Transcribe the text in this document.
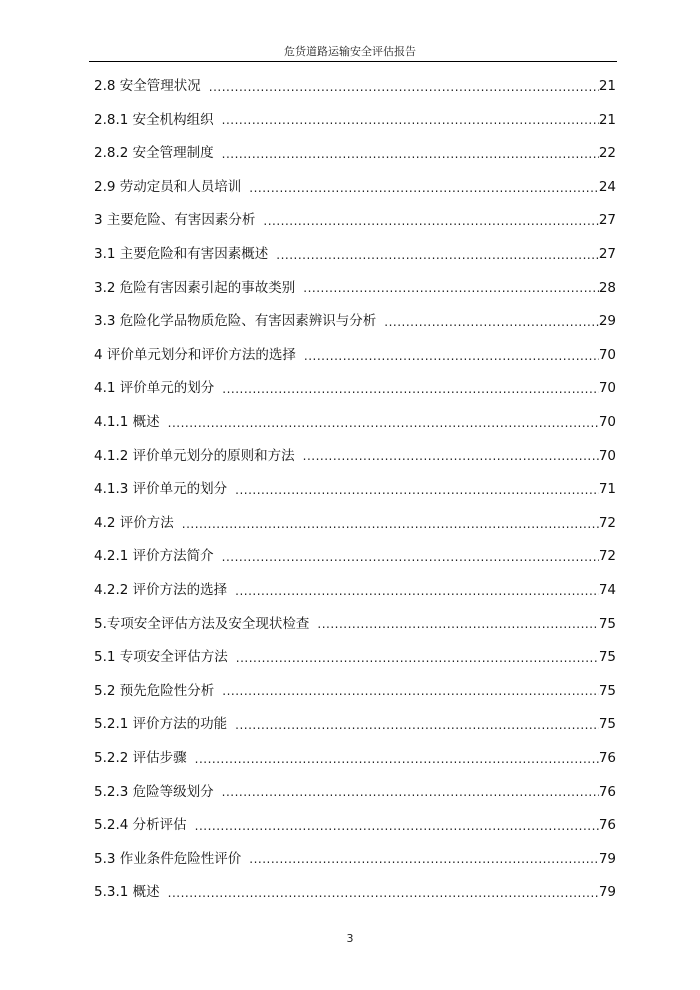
危货道路运输安全评估报告
2.8 安全管理状况 .....	21
2.8.1 安全机构组织 .....	21
2.8.2 安全管理制度 .....	22
2.9 劳动定员和人员培训 .....	24
3 主要危险、有害因素分析 .....	27
3.1 主要危险和有害因素概述 .....	27
3.2 危险有害因素引起的事故类别 .....	28
3.3 危险化学品物质危险、有害因素辨识与分析 .....	29
4 评价单元划分和评价方法的选择 .....	70
4.1 评价单元的划分 .....	70
4.1.1 概述 .....	70
4.1.2 评价单元划分的原则和方法 .....	70
4.1.3 评价单元的划分 .....	71
4.2 评价方法 .....	72
4.2.1 评价方法简介 .....	72
4.2.2 评价方法的选择 .....	74
5.专项安全评估方法及安全现状检查 .....	75
5.1 专项安全评估方法 .....	75
5.2 预先危险性分析 .....	75
5.2.1 评价方法的功能 .....	75
5.2.2 评估步骤 .....	76
5.2.3 危险等级划分 .....	76
5.2.4 分析评估 .....	76
5.3 作业条件危险性评价 .....	79
5.3.1 概述 .....	79
3
